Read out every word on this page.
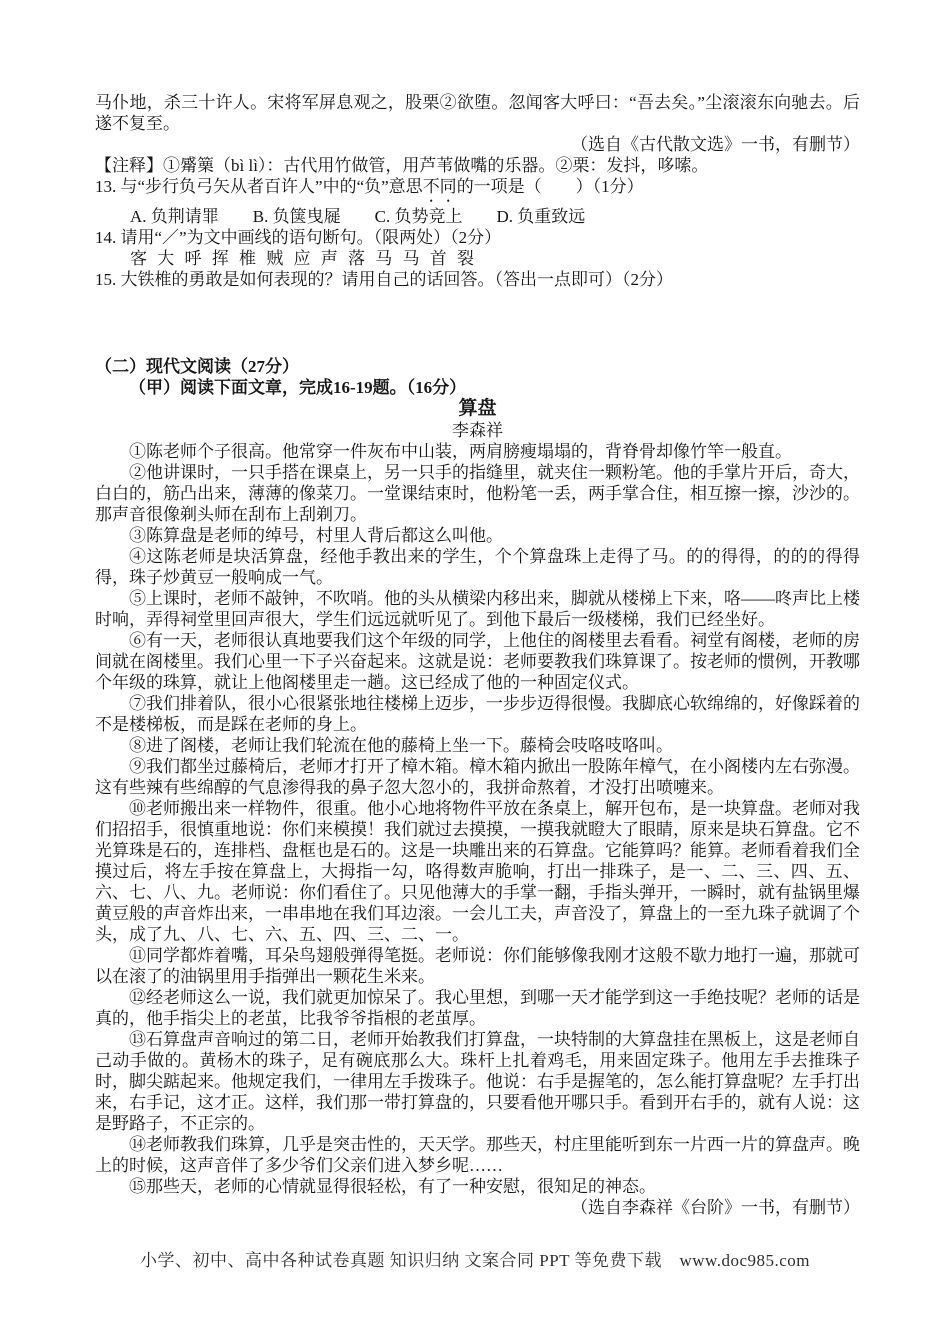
马仆地，杀三十许人。宋将军屏息观之，股栗②欲堕。忽闻客大呼曰：“吾去矣。”尘滚滚东向驰去。后遂不复至。

（选自《古代散文选》一书，有删节）

【注释】①觱篥（bì lì）：古代用竹做管，用芦苇做嘴的乐器。②栗：发抖，哆嗦。

13. 与“步行负弓矢从者百许人”中的“负”意思不同的一项是（　　）（1分）

A. 负荆请罪　　B. 负箧曳屣　　C. 负势竞上　　D. 负重致远

14. 请用“／”为文中画线的语句断句。（限两处）（2分）

客 大 呼 挥 椎 贼 应 声 落 马 马 首 裂

15. 大铁椎的勇敢是如何表现的？请用自己的话回答。（答出一点即可）（2分）

（二）现代文阅读（27分）

（甲）阅读下面文章，完成16-19题。（16分）

算盘

李森祥

①陈老师个子很高。他常穿一件灰布中山装，两肩膀瘦塌塌的，背脊骨却像竹竿一般直。

②他讲课时，一只手搭在课桌上，另一只手的指缝里，就夹住一颗粉笔。他的手掌片开后，奇大，白白的，筋凸出来，薄薄的像菜刀。一堂课结束时，他粉笔一丢，两手掌合住，相互擦一擦，沙沙的。那声音很像剃头师在刮布上刮剃刀。

③陈算盘是老师的绰号，村里人背后都这么叫他。

④这陈老师是块活算盘，经他手教出来的学生，个个算盘珠上走得了马。的的得得，的的的得得得，珠子炒黄豆一般响成一气。

⑤上课时，老师不敲钟，不吹哨。他的头从横梁内移出来，脚就从楼梯上下来，咯——咚声比上楼时响，弄得祠堂里回声很大，学生们远远就听见了。到他下最后一级楼梯，我们已经坐好。

⑥有一天，老师很认真地要我们这个年级的同学，上他住的阁楼里去看看。祠堂有阁楼，老师的房间就在阁楼里。我们心里一下子兴奋起来。这就是说：老师要教我们珠算课了。按老师的惯例，开教哪个年级的珠算，就让上他阁楼里走一趟。这已经成了他的一种固定仪式。

⑦我们排着队，很小心很紧张地往楼梯上迈步，一步步迈得很慢。我脚底心软绵绵的，好像踩着的不是楼梯板，而是踩在老师的身上。

⑧进了阁楼，老师让我们轮流在他的藤椅上坐一下。藤椅会吱咯吱咯叫。

⑨我们都坐过藤椅后，老师才打开了樟木箱。樟木箱内掀出一股陈年樟气，在小阁楼内左右弥漫。这有些辣有些绵醇的气息渗得我的鼻子忽大忽小的，我拼命熬着，才没打出喷嚏来。

⑩老师搬出来一样物件，很重。他小心地将物件平放在条桌上，解开包布，是一块算盘。老师对我们招招手，很慎重地说：你们来模摸！我们就过去摸摸，一摸我就瞪大了眼睛，原来是块石算盘。它不光算珠是石的，连排档、盘框也是石的。这是一块雕出来的石算盘。它能算吗？能算。老师看着我们全摸过后，将左手按在算盘上，大拇指一勾，咯得数声脆响，打出一排珠子，是一、二、三、四、五、六、七、八、九。老师说：你们看住了。只见他薄大的手掌一翻，手指头弹开，一瞬时，就有盐锅里爆黄豆般的声音炸出来，一串串地在我们耳边滚。一会儿工夫，声音没了，算盘上的一至九珠子就调了个头，成了九、八、七、六、五、四、三、二、一。

⑪同学都炸着嘴，耳朵鸟翅般弹得笔挺。老师说：你们能够像我刚才这般不歇力地打一遍，那就可以在滚了的油锅里用手指弹出一颗花生米来。

⑫经老师这么一说，我们就更加惊呆了。我心里想，到哪一天才能学到这一手绝技呢？老师的话是真的，他手指尖上的老茧，比我爷爷指根的老茧厚。

⑬石算盘声音响过的第二日，老师开始教我们打算盘，一块特制的大算盘挂在黑板上，这是老师自己动手做的。黄杨木的珠子，足有碗底那么大。珠杆上扎着鸡毛，用来固定珠子。他用左手去推珠子时，脚尖踮起来。他规定我们，一律用左手拨珠子。他说：右手是握笔的，怎么能打算盘呢？左手打出来，右手记，这才正。这样，我们那一带打算盘的，只要看他开哪只手。看到开右手的，就有人说：这是野路子，不正宗的。

⑭老师教我们珠算，几乎是突击性的，天天学。那些天，村庄里能听到东一片西一片的算盘声。晚上的时候，这声音伴了多少爷们父亲们进入梦乡呢……

⑮那些天，老师的心情就显得很轻松，有了一种安慰，很知足的神态。

（选自李森祥《台阶》一书，有删节）

小学、初中、高中各种试卷真题 知识归纳 文案合同 PPT 等免费下载　www.doc985.com
